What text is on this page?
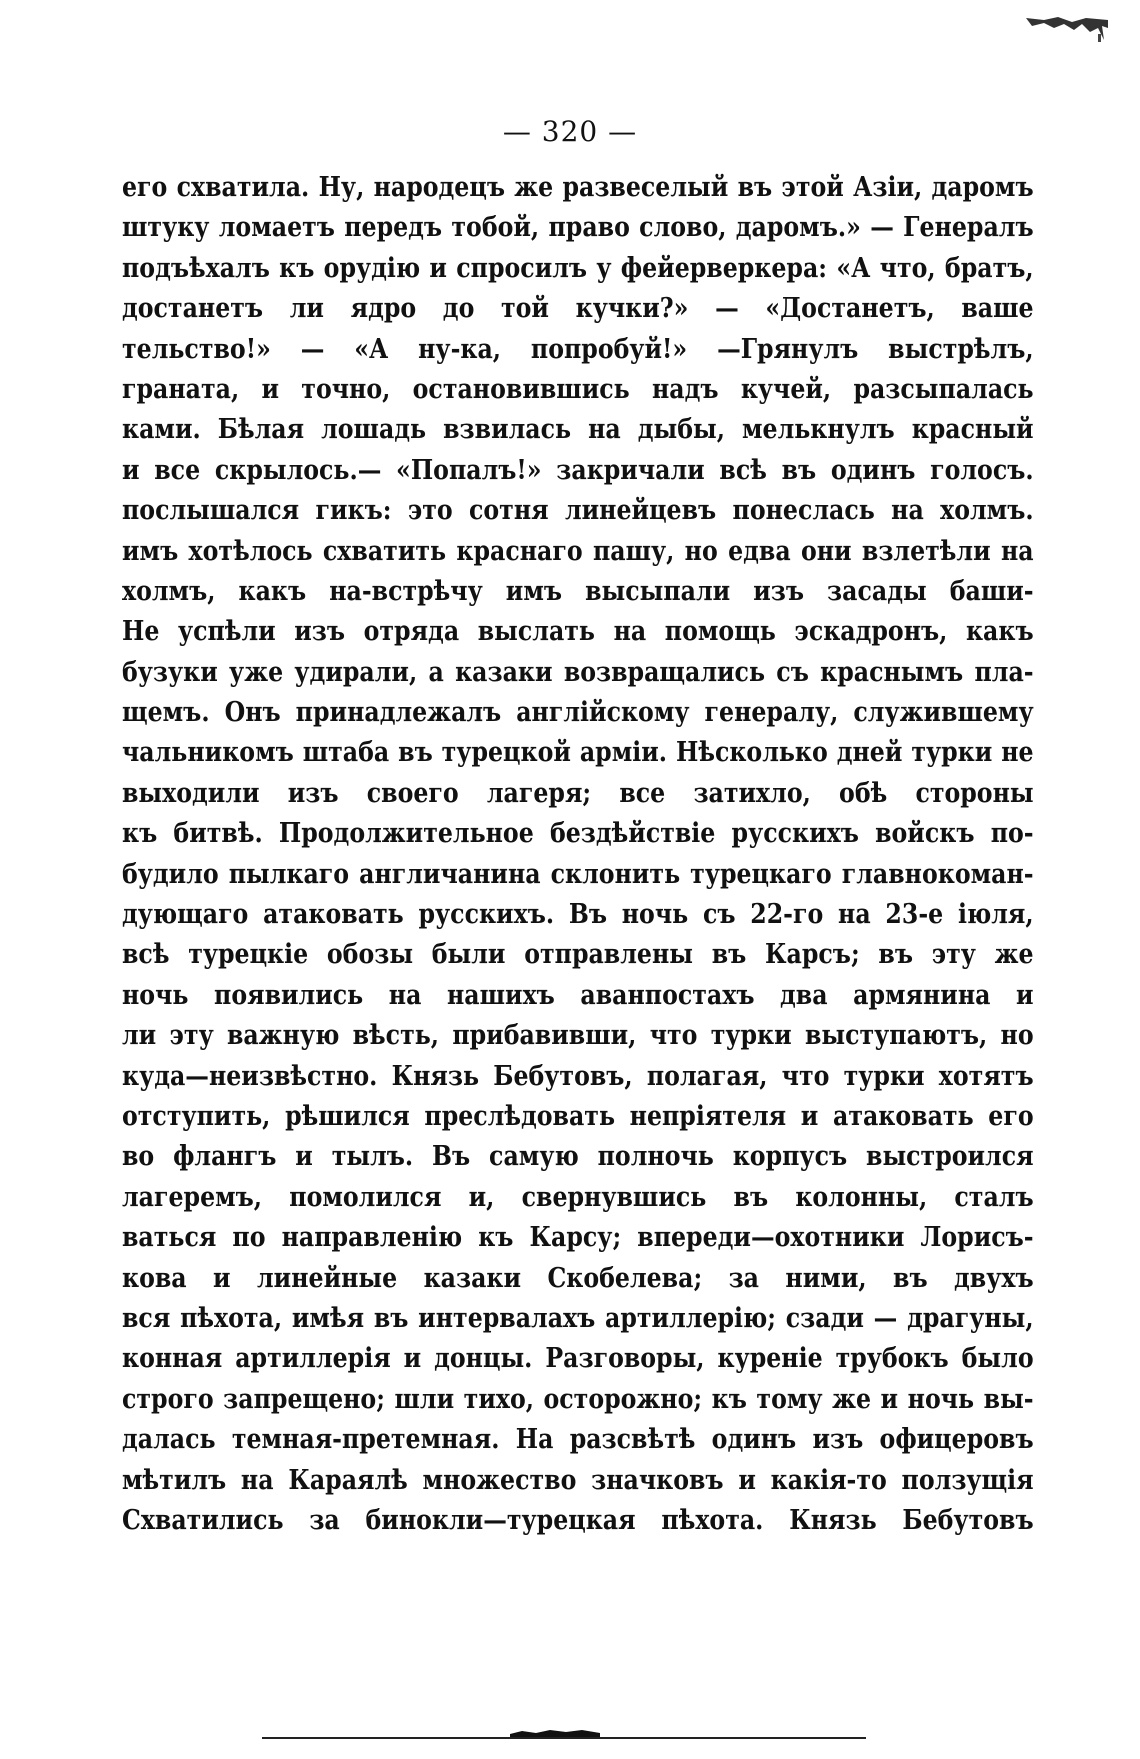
— 320 —
его схватила. Ну, народецъ же развеселый въ этой Азіи, даромъ
штуку ломаетъ передъ тобой, право слово, даромъ.» — Генералъ
подъѣхалъ къ орудію и спросилъ у фейерверкера: «А что, братъ,
достанетъ ли ядро до той кучки?» — «Достанетъ, ваше
тельство!» — «А ну-ка, попробуй!» —Грянулъ выстрѣлъ,
граната, и точно, остановившись надъ кучей, разсыпалась
ками. Бѣлая лошадь взвилась на дыбы, мелькнулъ красный
и все скрылось.— «Попалъ!» закричали всѣ въ одинъ голосъ.
послышался гикъ: это сотня линейцевъ понеслась на холмъ.
имъ хотѣлось схватить краснаго пашу, но едва они взлетѣли на
холмъ, какъ на-встрѣчу имъ высыпали изъ засады баши-
Не успѣли изъ отряда выслать на помощь эскадронъ, какъ
бузуки уже удирали, а казаки возвращались съ краснымъ пла-
щемъ. Онъ принадлежалъ англійскому генералу, служившему
чальникомъ штаба въ турецкой арміи. Нѣсколько дней турки не
выходили изъ своего лагеря; все затихло, обѣ стороны
къ битвѣ. Продолжительное бездѣйствіе русскихъ войскъ по-
будило пылкаго англичанина склонить турецкаго главнокоман-
дующаго атаковать русскихъ. Въ ночь съ 22-го на 23-е іюля,
всѣ турецкіе обозы были отправлены въ Карсъ; въ эту же
ночь появились на нашихъ аванпостахъ два армянина и
ли эту важную вѣсть, прибавивши, что турки выступаютъ, но
куда—неизвѣстно. Князь Бебутовъ, полагая, что турки хотятъ
отступить, рѣшился преслѣдовать непріятеля и атаковать его
во флангъ и тылъ. Въ самую полночь корпусъ выстроился
лагеремъ, помолился и, свернувшись въ колонны, сталъ
ваться по направленію къ Карсу; впереди—охотники Лорисъ-
кова и линейные казаки Скобелева; за ними, въ двухъ
вся пѣхота, имѣя въ интервалахъ артиллерію; сзади — драгуны,
конная артиллерія и донцы. Разговоры, куреніе трубокъ было
строго запрещено; шли тихо, осторожно; къ тому же и ночь вы-
далась темная-претемная. На разсвѣтѣ одинъ изъ офицеровъ
мѣтилъ на Караялѣ множество значковъ и какія-то ползущія
Схватились за бинокли—турецкая пѣхота. Князь Бебутовъ
